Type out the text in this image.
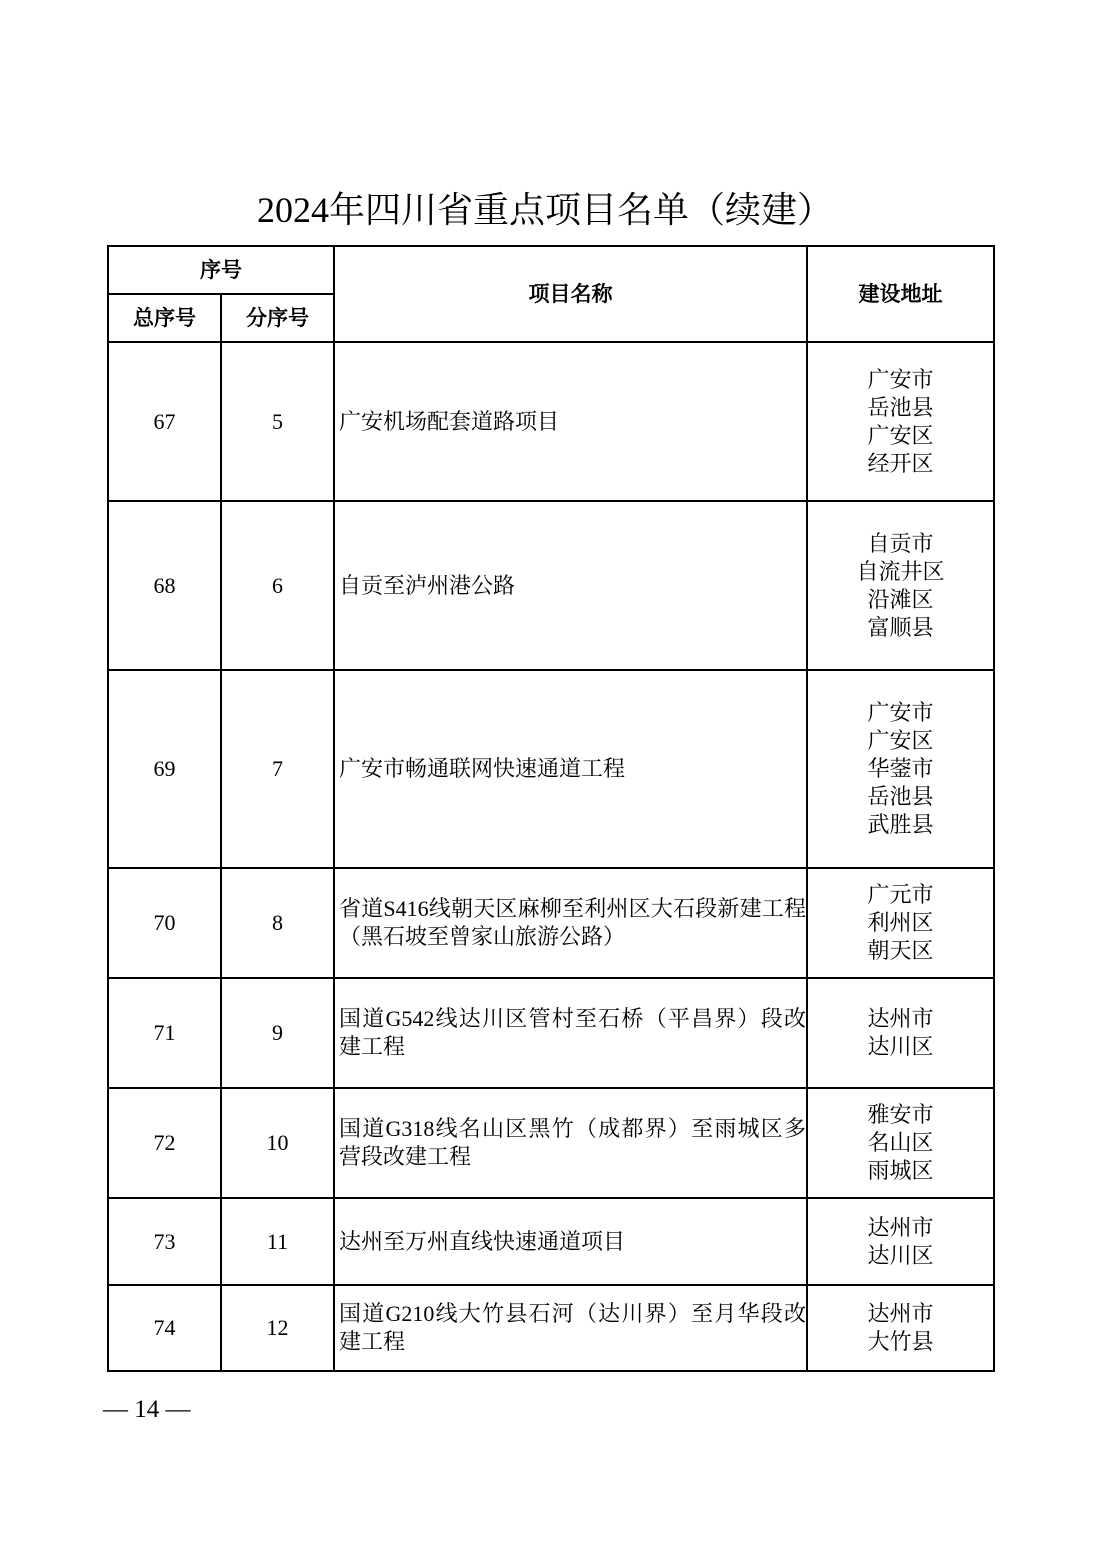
2024年四川省重点项目名单（续建）
序号		项目名称	建设地址
总序号	分序号		
67	5	广安机场配套道路项目	广安市
岳池县
广安区
经开区

68	6	自贡至泸州港公路	自贡市
自流井区
沿滩区
富顺县

69	7	广安市畅通联网快速通道工程	广安市
广安区
华蓥市
岳池县
武胜县

70	8	省道S416线朝天区麻柳至利州区大石段新建工程
（黑石坡至曾家山旅游公路）	广元市
利州区
朝天区

71	9	国道G542线达川区管村至石桥（平昌界）段改
建工程	达州市
达川区

72	10	国道G318线名山区黑竹（成都界）至雨城区多
营段改建工程	雅安市
名山区
雨城区

73	11	达州至万州直线快速通道项目	达州市
达川区

74	12	国道G210线大竹县石河（达川界）至月华段改
建工程	达州市
大竹县
— 14 —
